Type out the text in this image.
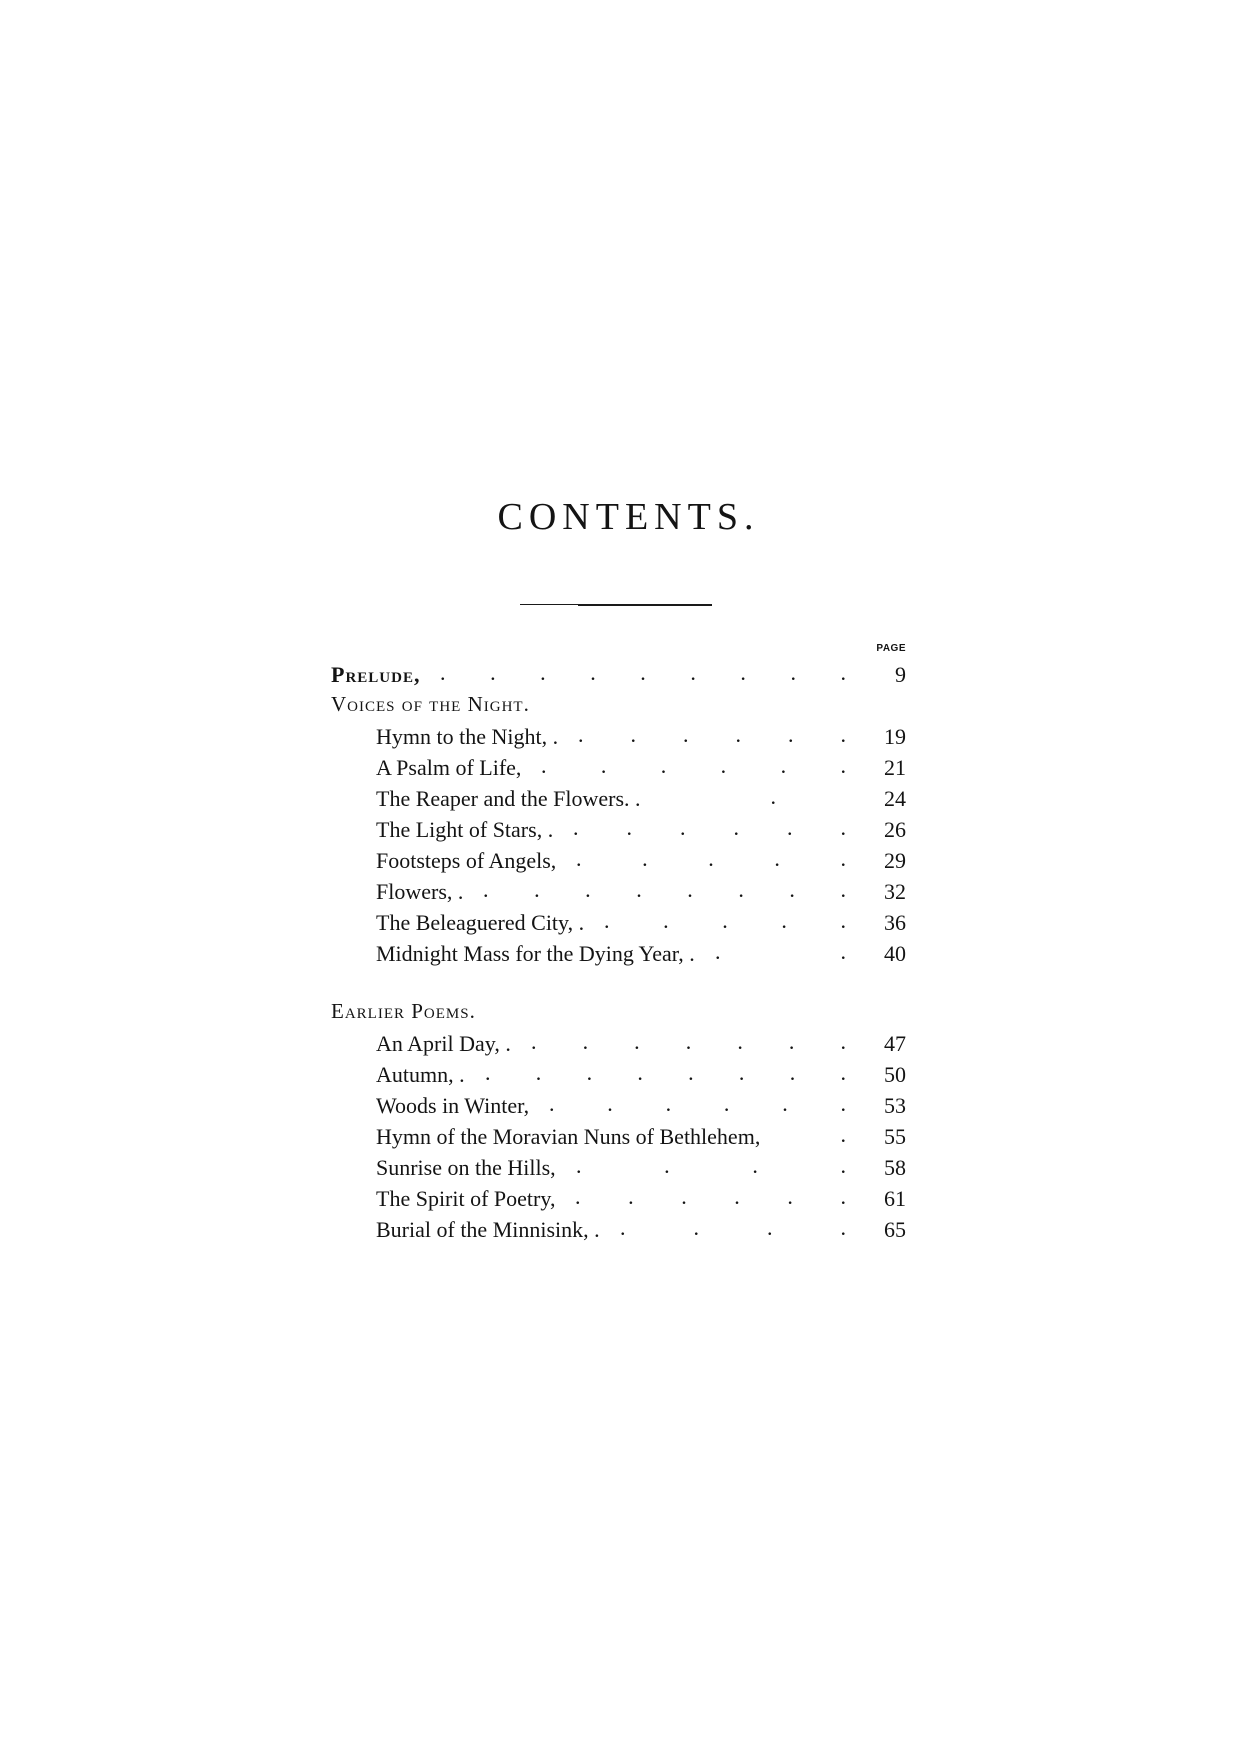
CONTENTS.
PAGE
Prelude, . . . . . . . . .	9
Voices of the Night.
Hymn to the Night, . . . . . . .	19
A Psalm of Life, . . . . . .	21
The Reaper and the Flowers. .	.	24
The Light of Stars, . . . . . . .	26
Footsteps of Angels, .	.	.	.	.	29
Flowers, . . . . . . . . .	32
The Beleaguered City, . . . . . .	36
Midnight Mass for the Dying Year, . .	.	40
Earlier Poems.
An April Day, . . . . . . . .	47
Autumn, . . . . . . . . .	50
Woods in Winter, . . . . . .	53
Hymn of the Moravian Nuns of Bethlehem,	.	55
Sunrise on the Hills, .	.	.	.	58
The Spirit of Poetry, . . . . . .	61
Burial of the Minnisink, . .	.	.	.	65
